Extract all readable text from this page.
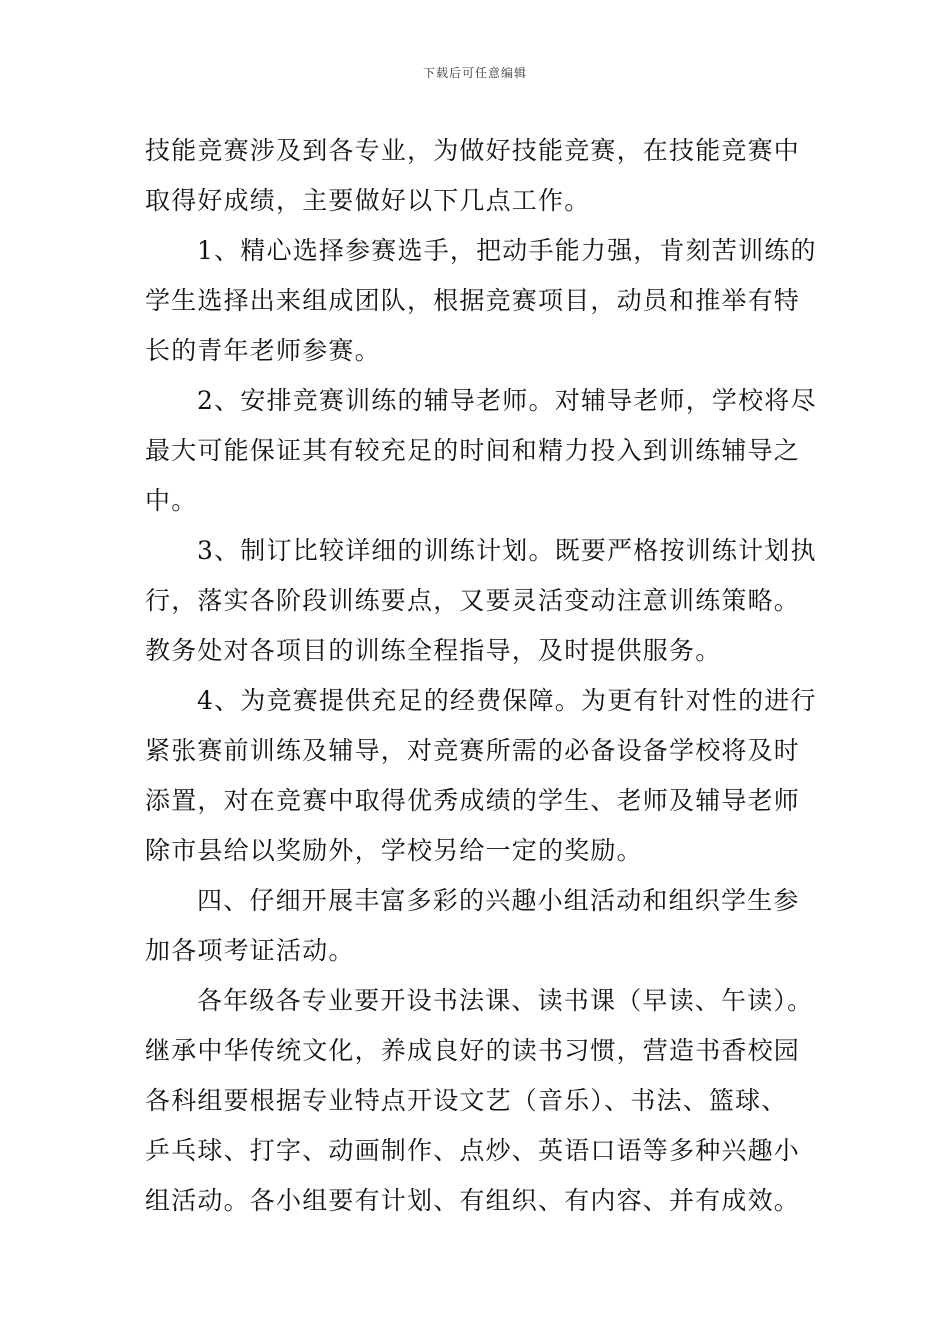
下载后可任意编辑
技能竞赛涉及到各专业，为做好技能竞赛，在技能竞赛中
取得好成绩，主要做好以下几点工作。
1、精心选择参赛选手，把动手能力强，肯刻苦训练的
学生选择出来组成团队，根据竞赛项目，动员和推举有特
长的青年老师参赛。
2、安排竞赛训练的辅导老师。对辅导老师，学校将尽
最大可能保证其有较充足的时间和精力投入到训练辅导之
中。
3、制订比较详细的训练计划。既要严格按训练计划执
行，落实各阶段训练要点，又要灵活变动注意训练策略。
教务处对各项目的训练全程指导，及时提供服务。
4、为竞赛提供充足的经费保障。为更有针对性的进行
紧张赛前训练及辅导，对竞赛所需的必备设备学校将及时
添置，对在竞赛中取得优秀成绩的学生、老师及辅导老师
除市县给以奖励外，学校另给一定的奖励。
四、仔细开展丰富多彩的兴趣小组活动和组织学生参
加各项考证活动。
各年级各专业要开设书法课、读书课（早读、午读）。
继承中华传统文化，养成良好的读书习惯，营造书香校园
各科组要根据专业特点开设文艺（音乐）、书法、篮球、
乒乓球、打字、动画制作、点炒、英语口语等多种兴趣小
组活动。各小组要有计划、有组织、有内容、并有成效。
